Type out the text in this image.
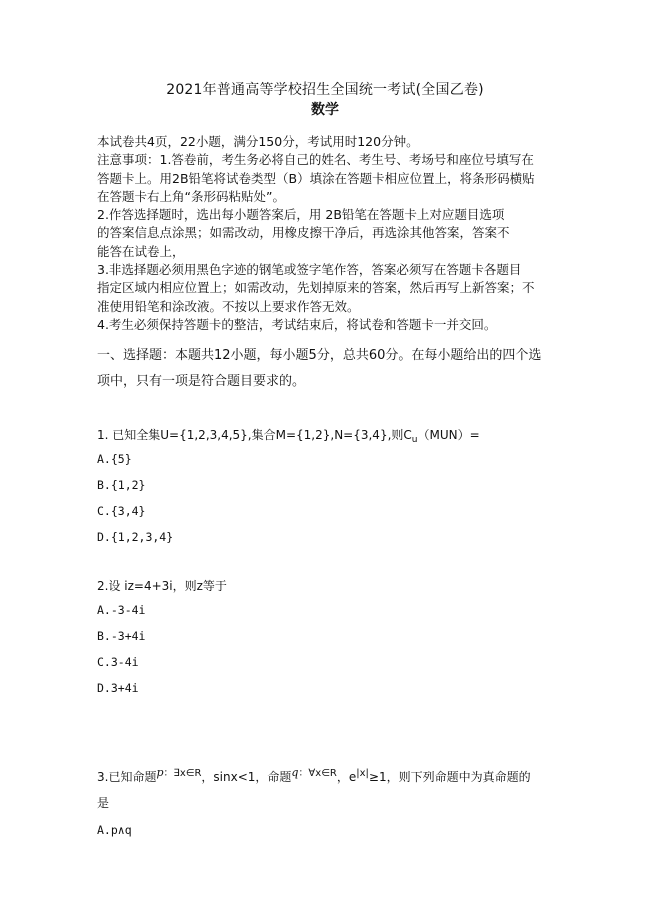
2021年普通高等学校招生全国统一考试(全国乙卷)
数学
本试卷共4页，22小题，满分150分，考试用时120分钟。
注意事项：1.答卷前，考生务必将自己的姓名、考生号、考场号和座位号填写在
答题卡上。用2B铅笔将试卷类型（B）填涂在答题卡相应位置上，将条形码横贴
在答题卡右上角“条形码粘贴处”。
2.作答选择题时，选出每小题答案后，用 2B铅笔在答题卡上对应题目选项
的答案信息点涂黑；如需改动，用橡皮擦干净后，再选涂其他答案，答案不
能答在试卷上，
3.非选择题必须用黑色字迹的钢笔或签字笔作答，答案必须写在答题卡各题目
指定区域内相应位置上；如需改动，先划掉原来的答案，然后再写上新答案；不
准使用铅笔和涂改液。不按以上要求作答无效。
4.考生必须保持答题卡的整洁，考试结束后，将试卷和答题卡一并交回。
一、选择题：本题共12小题，每小题5分，总共60分。在每小题给出的四个选
项中，只有一项是符合题目要求的。
1. 已知全集U={1,2,3,4,5},集合M={1,2},N={3,4},则$C_u(MUN)=$
A.{5}
B.{1,2}
C.{3,4}
D.{1,2,3,4}
2.设 iz=4+3i，则z等于
A.-3-4i
B.-3+4i
C.3-4i
D.3+4i
3.已知命题$p^{:\exists x\in R}$，sinx<1，命题$q^{:\forall x\in R}$，$e^{|x|}\ge 1$，则下列命题中为真命题的
是
A.p∧q
